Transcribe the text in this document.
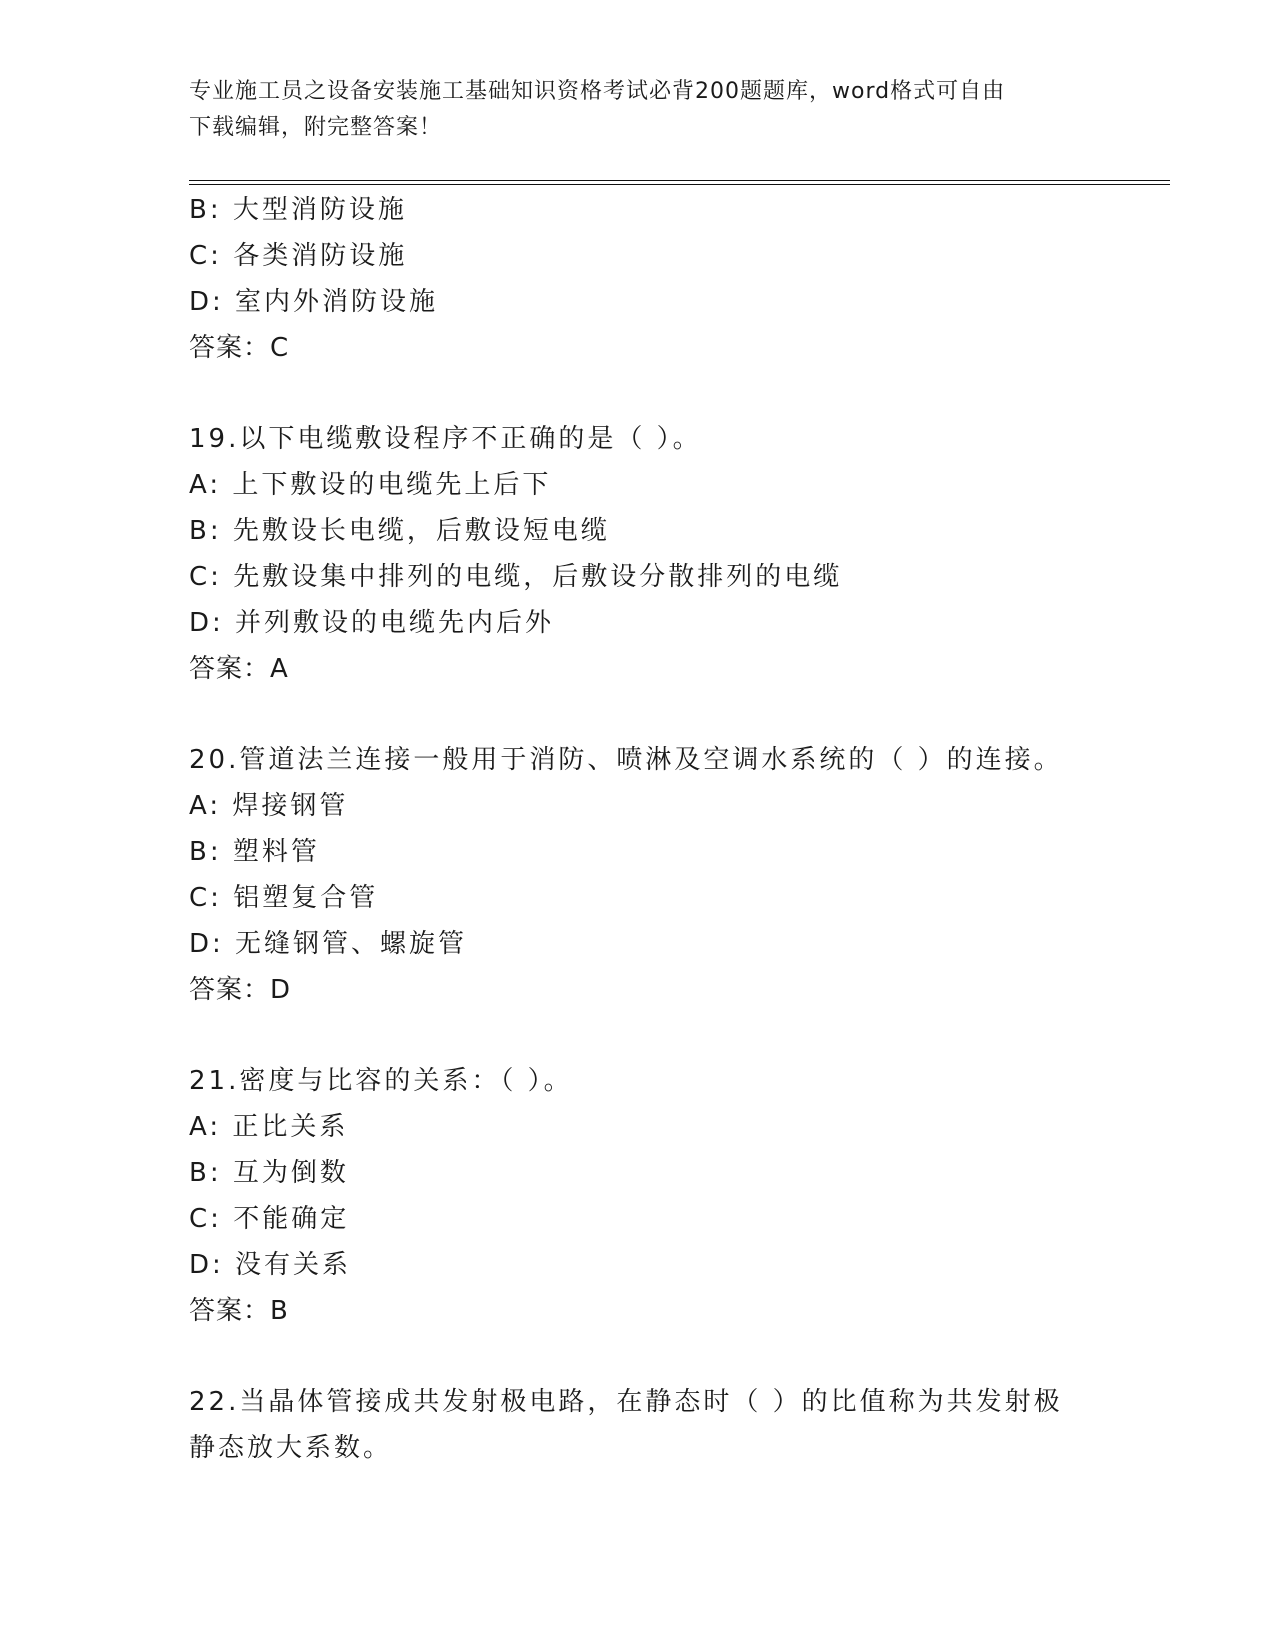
专业施工员之设备安装施工基础知识资格考试必背200题题库，word格式可自由
下载编辑，附完整答案！
B: 大型消防设施
C: 各类消防设施
D: 室内外消防设施
答案：C
19.以下电缆敷设程序不正确的是（ ）。
A: 上下敷设的电缆先上后下
B: 先敷设长电缆，后敷设短电缆
C: 先敷设集中排列的电缆，后敷设分散排列的电缆
D: 并列敷设的电缆先内后外
答案：A
20.管道法兰连接一般用于消防、喷淋及空调水系统的（ ）的连接。
A: 焊接钢管
B: 塑料管
C: 铝塑复合管
D: 无缝钢管、螺旋管
答案：D
21.密度与比容的关系：（ ）。
A: 正比关系
B: 互为倒数
C: 不能确定
D: 没有关系
答案：B
22.当晶体管接成共发射极电路，在静态时（ ）的比值称为共发射极
静态放大系数。
